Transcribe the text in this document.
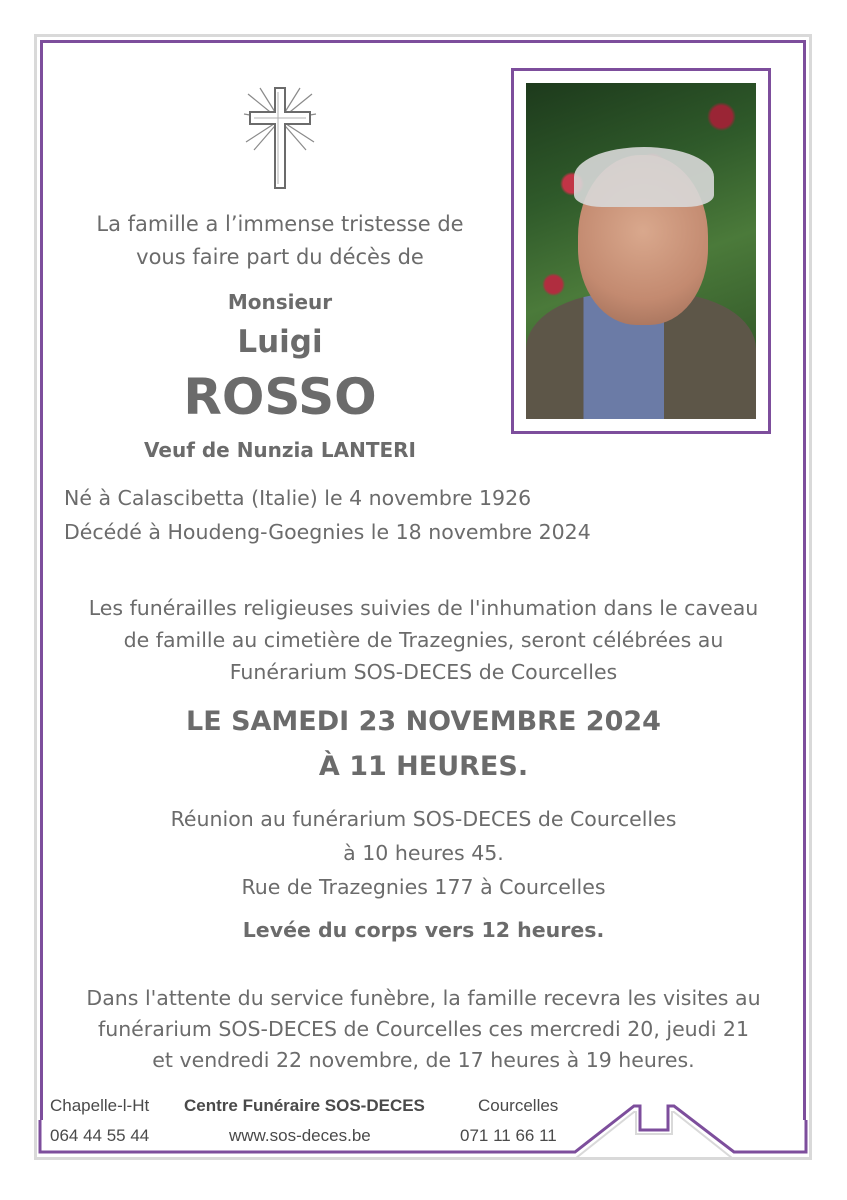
La famille a l’immense tristesse de
vous faire part du décès de
Monsieur
Luigi
ROSSO
Veuf de Nunzia LANTERI
Né à Calascibetta (Italie) le 4 novembre 1926
Décédé à Houdeng-Goegnies le 18 novembre 2024
Les funérailles religieuses suivies de l'inhumation dans le caveau
de famille au cimetière de Trazegnies, seront célébrées au
Funérarium SOS-DECES de Courcelles
LE SAMEDI 23 NOVEMBRE 2024
À 11 HEURES.
Réunion au funérarium SOS-DECES de Courcelles
à 10 heures 45.
Rue de Trazegnies 177 à Courcelles
Levée du corps vers 12 heures.
Dans l'attente du service funèbre, la famille recevra les visites au
funérarium SOS-DECES de Courcelles ces mercredi 20, jeudi 21
et vendredi 22 novembre, de 17 heures à 19 heures.
Chapelle-l-Ht
064 44 55 44
Centre Funéraire SOS-DECES
www.sos-deces.be
Courcelles
071 11 66 11
